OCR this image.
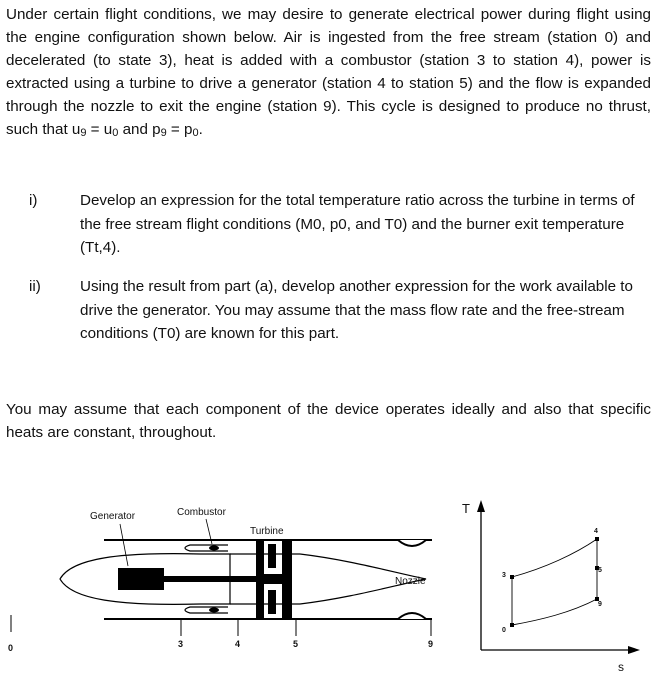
Under certain flight conditions, we may desire to generate electrical power during flight using the engine configuration shown below. Air is ingested from the free stream (station 0) and decelerated (to state 3), heat is added with a combustor (station 3 to station 4), power is extracted using a turbine to drive a generator (station 4 to station 5) and the flow is expanded through the nozzle to exit the engine (station 9). This cycle is designed to produce no thrust, such that u9 = u0 and p9 = p0.

i)	Develop an expression for the total temperature ratio across the turbine in terms of the free stream flight conditions (M0, p0, and T0) and the burner exit temperature (Tt,4).
ii)	Using the result from part (a), develop another expression for the work available to drive the generator. You may assume that the mass flow rate and the free-stream conditions (T0) are known for this part.

You may assume that each component of the device operates ideally and also that specific heats are constant, throughout.

Generator	Combustor
Turbine
Nozzle
0	3	4	5	9
T
s
0
3
4
5
9
